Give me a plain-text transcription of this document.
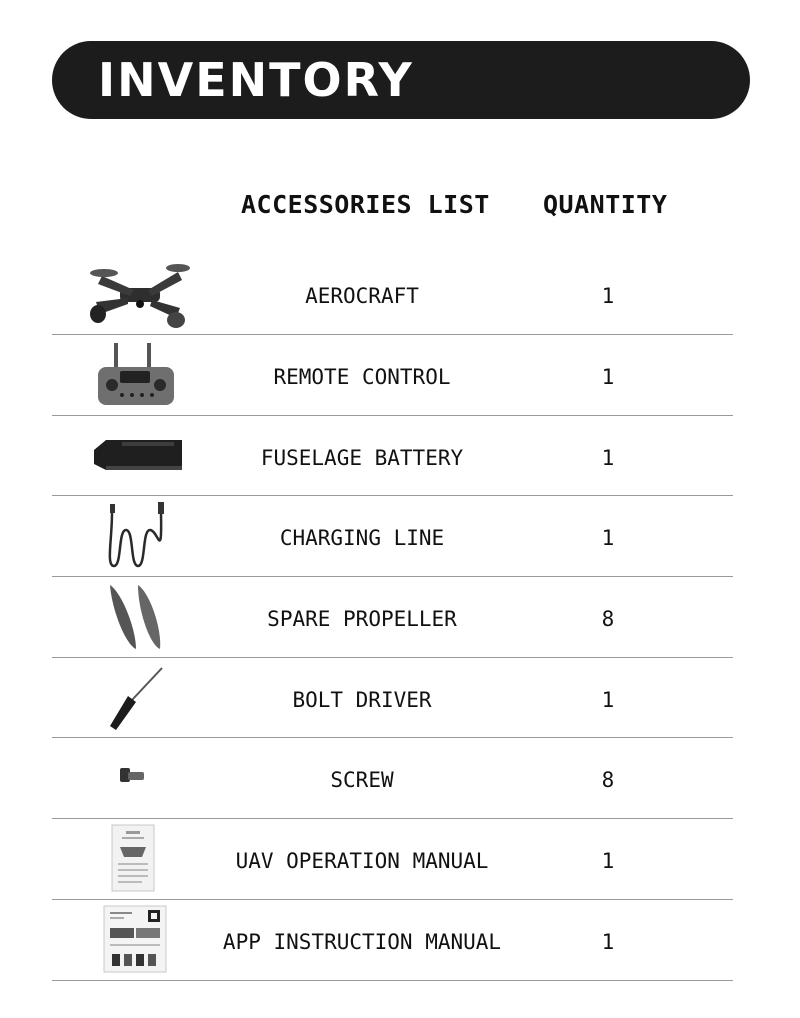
INVENTORY
ACCESSORIES LIST QUANTITY
AEROCRAFT	1
REMOTE CONTROL	1
FUSELAGE BATTERY	1
CHARGING LINE	1
SPARE PROPELLER	8
BOLT DRIVER	1
SCREW	8
UAV OPERATION MANUAL	1
APP INSTRUCTION MANUAL	1
